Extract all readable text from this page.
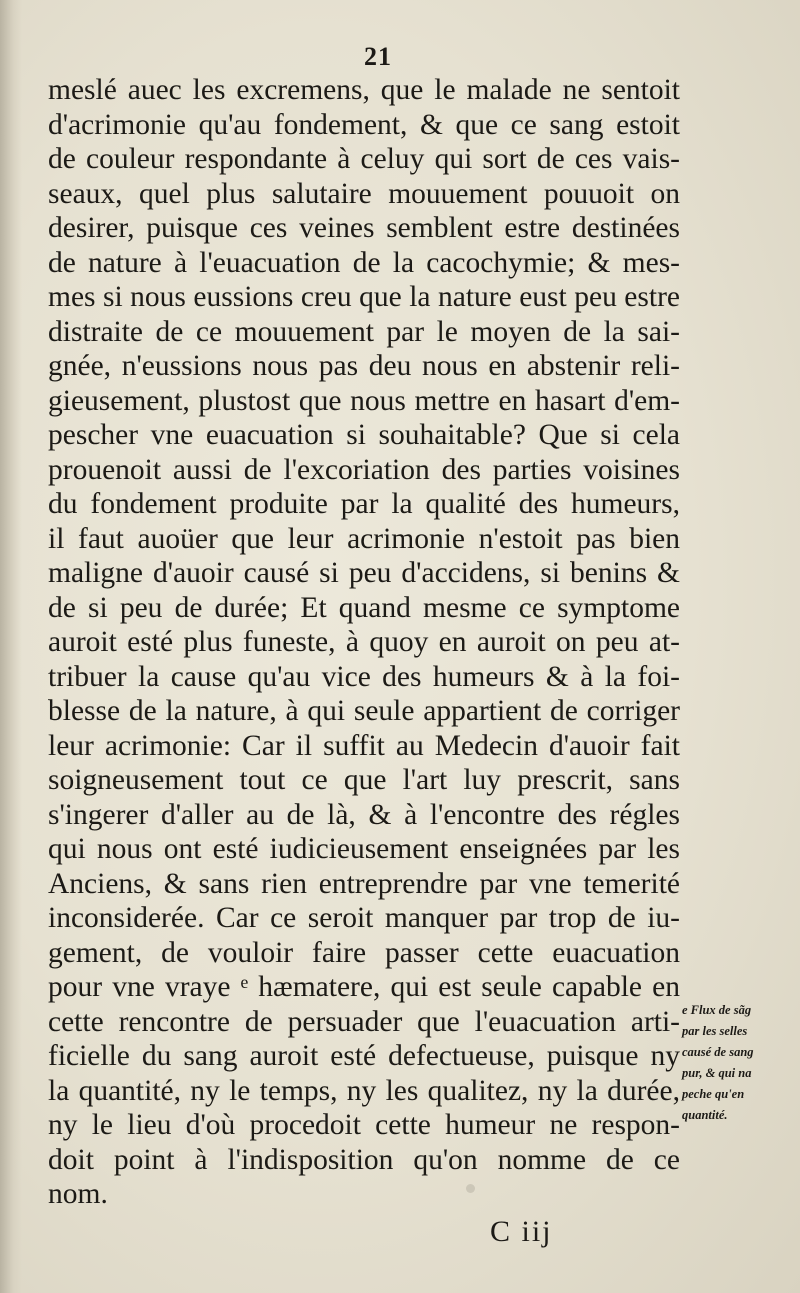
21
meslé auec les excremens, que le malade ne sentoit
d'acrimonie qu'au fondement, & que ce sang estoit
de couleur respondante à celuy qui sort de ces vais-
seaux, quel plus salutaire mouuement pouuoit on
desirer, puisque ces veines semblent estre destinées
de nature à l'euacuation de la cacochymie; & mes-
mes si nous eussions creu que la nature eust peu estre
distraite de ce mouuement par le moyen de la sai-
gnée, n'eussions nous pas deu nous en abstenir reli-
gieusement, plustost que nous mettre en hasart d'em-
pescher vne euacuation si souhaitable? Que si cela
prouenoit aussi de l'excoriation des parties voisines
du fondement produite par la qualité des humeurs,
il faut auoüer que leur acrimonie n'estoit pas bien
maligne d'auoir causé si peu d'accidens, si benins &
de si peu de durée; Et quand mesme ce symptome
auroit esté plus funeste, à quoy en auroit on peu at-
tribuer la cause qu'au vice des humeurs & à la foi-
blesse de la nature, à qui seule appartient de corriger
leur acrimonie: Car il suffit au Medecin d'auoir fait
soigneusement tout ce que l'art luy prescrit, sans
s'ingerer d'aller au de là, & à l'encontre des régles
qui nous ont esté iudicieusement enseignées par les
Anciens, & sans rien entreprendre par vne temerité
inconsiderée. Car ce seroit manquer par trop de iu-
gement, de vouloir faire passer cette euacuation
pour vne vraye ᵉ hæmatere, qui est seule capable en
cette rencontre de persuader que l'euacuation arti-
ficielle du sang auroit esté defectueuse, puisque ny
la quantité, ny le temps, ny les qualitez, ny la durée,
ny le lieu d'où procedoit cette humeur ne respon-
doit point à l'indisposition qu'on nomme de ce
nom.
e Flux de sãg
par les selles
causé de sang
pur, & qui na
peche qu'en
quantité.
C iij
